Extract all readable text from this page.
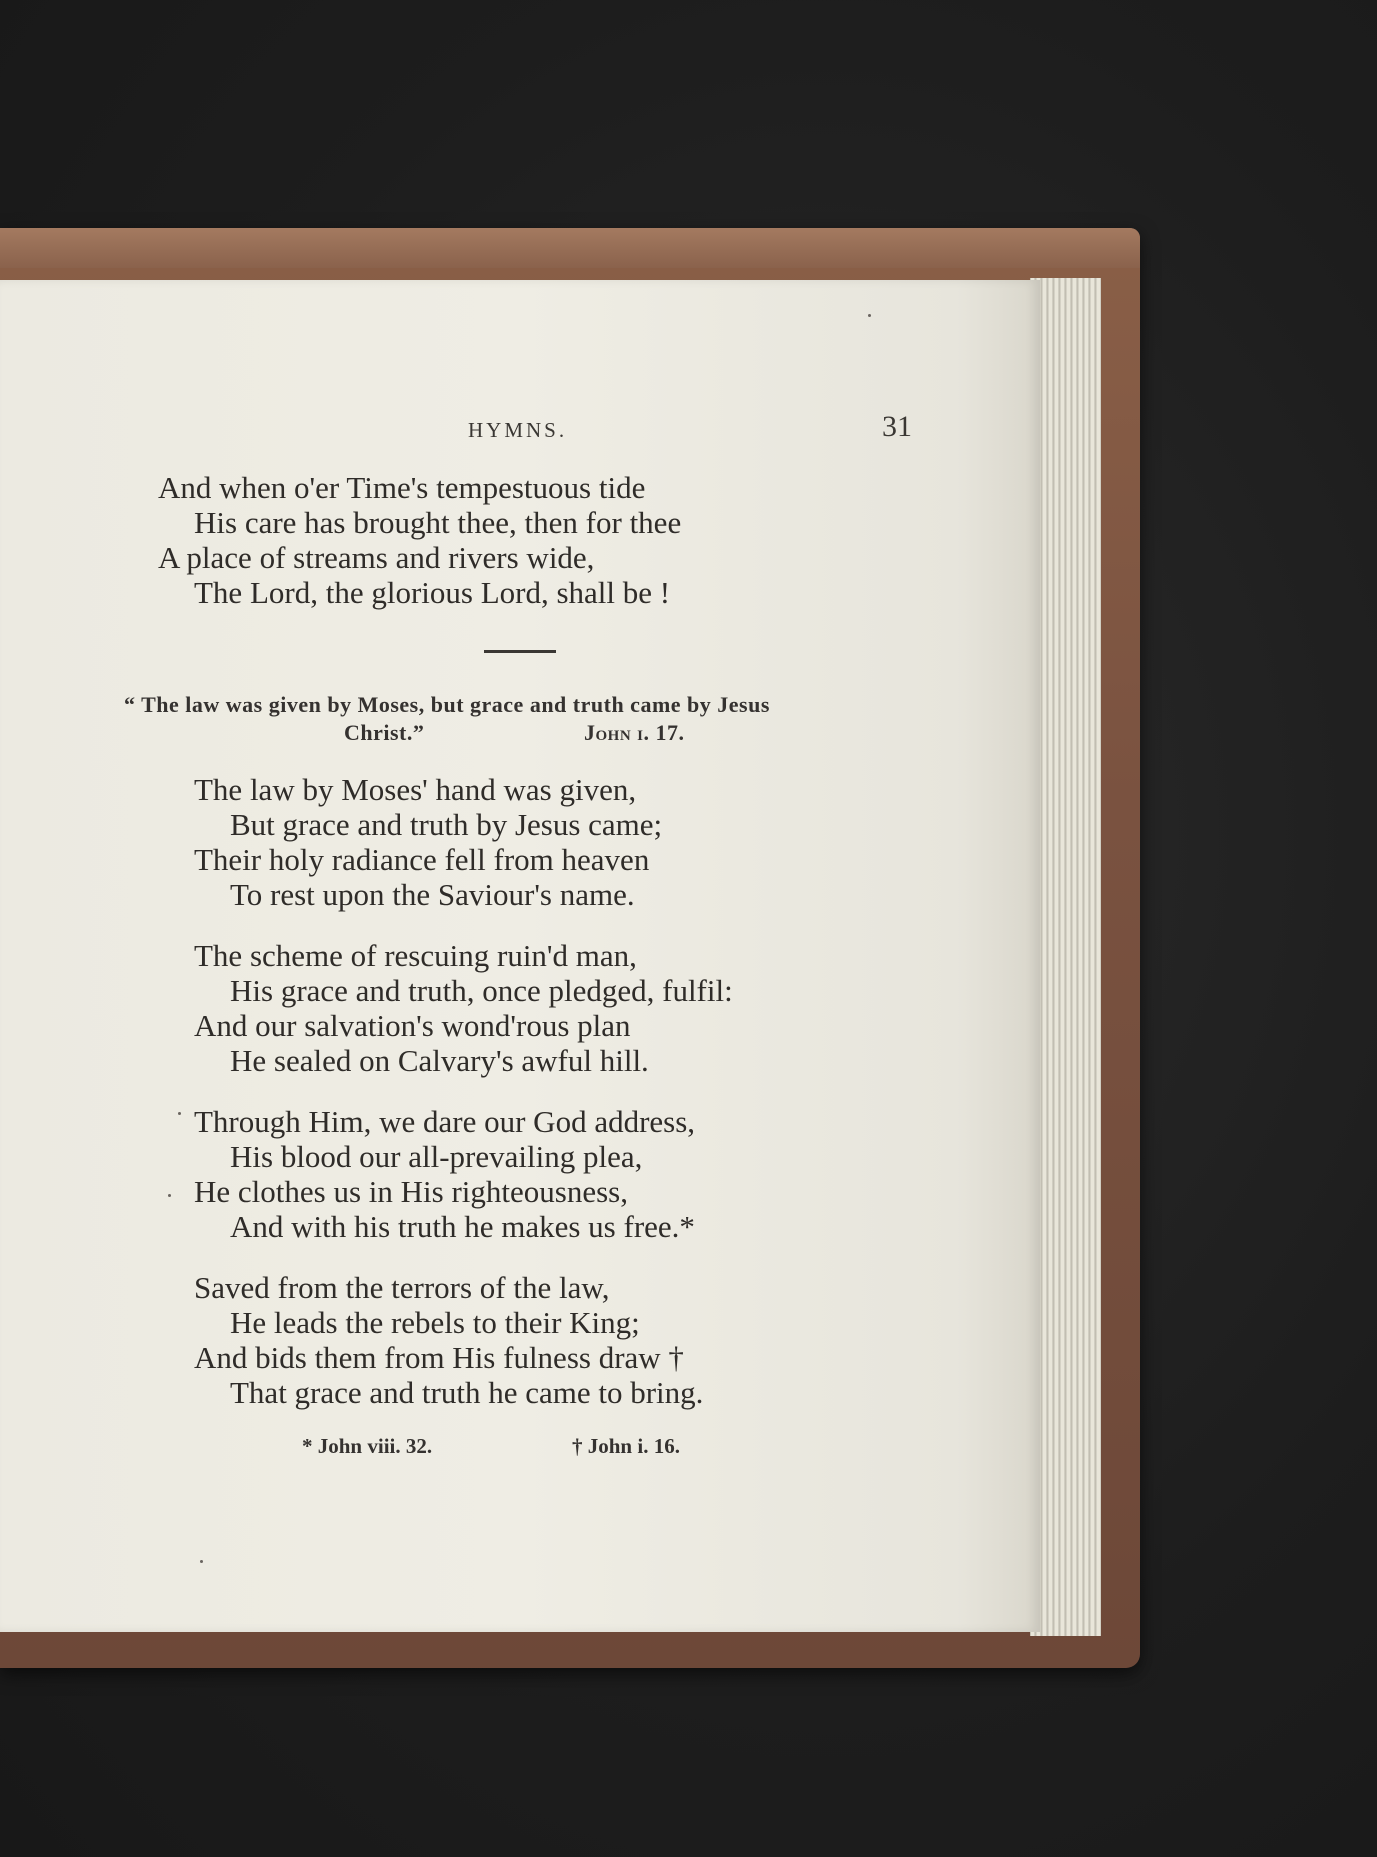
HYMNS.	31

And when o'er Time's tempestuous tide

His care has brought thee, then for thee

A place of streams and rivers wide,

The Lord, the glorious Lord, shall be !

“ The law was given by Moses, but grace and truth came by Jesus

Christ.”	John i. 17.

The law by Moses' hand was given,

But grace and truth by Jesus came;

Their holy radiance fell from heaven

To rest upon the Saviour's name.

The scheme of rescuing ruin'd man,

His grace and truth, once pledged, fulfil:

And our salvation's wond'rous plan

He sealed on Calvary's awful hill.

Through Him, we dare our God address,

His blood our all-prevailing plea,

He clothes us in His righteousness,

And with his truth he makes us free.*

Saved from the terrors of the law,

He leads the rebels to their King;

And bids them from His fulness draw †

That grace and truth he came to bring.

* John viii. 32.	† John i. 16.
